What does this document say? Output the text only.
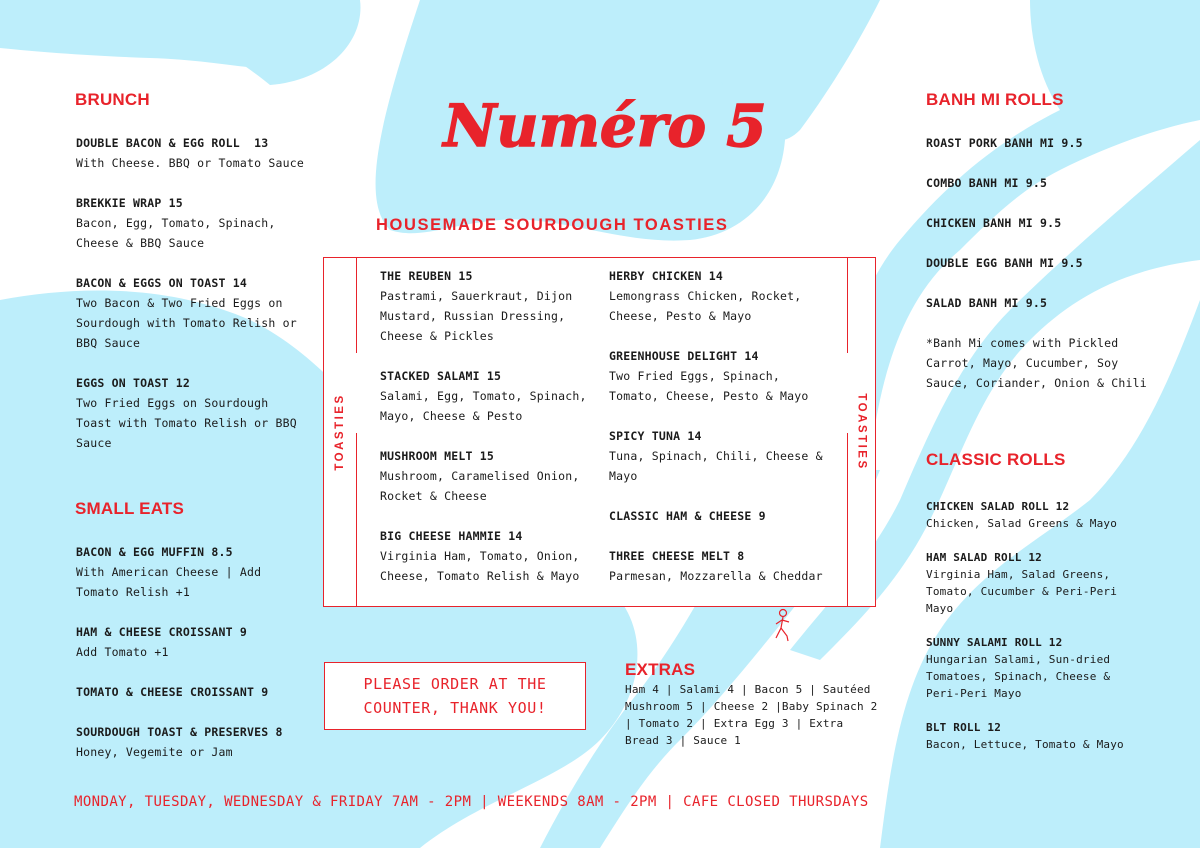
Numéro 5
BRUNCH
DOUBLE BACON & EGG ROLL  13
With Cheese. BBQ or Tomato Sauce
BREKKIE WRAP 15
Bacon, Egg, Tomato, Spinach, Cheese & BBQ Sauce
BACON & EGGS ON TOAST 14
Two Bacon & Two Fried Eggs on Sourdough with Tomato Relish or BBQ Sauce
EGGS ON TOAST 12
Two Fried Eggs on Sourdough Toast with Tomato Relish or BBQ Sauce
SMALL EATS
BACON & EGG MUFFIN 8.5
With American Cheese | Add Tomato Relish +1
HAM & CHEESE CROISSANT 9
Add Tomato +1
TOMATO & CHEESE CROISSANT 9
SOURDOUGH TOAST & PRESERVES 8
Honey, Vegemite or Jam
HOUSEMADE SOURDOUGH TOASTIES
TOASTIES	TOASTIES
THE REUBEN 15
Pastrami, Sauerkraut, Dijon Mustard, Russian Dressing, Cheese & Pickles
STACKED SALAMI 15
Salami, Egg, Tomato, Spinach, Mayo, Cheese & Pesto
MUSHROOM MELT 15
Mushroom, Caramelised Onion, Rocket & Cheese
BIG CHEESE HAMMIE 14
Virginia Ham, Tomato, Onion, Cheese, Tomato Relish & Mayo
HERBY CHICKEN 14
Lemongrass Chicken, Rocket, Cheese, Pesto & Mayo
GREENHOUSE DELIGHT 14
Two Fried Eggs, Spinach, Tomato, Cheese, Pesto & Mayo
SPICY TUNA 14
Tuna, Spinach, Chili, Cheese & Mayo
CLASSIC HAM & CHEESE 9
THREE CHEESE MELT 8
Parmesan, Mozzarella & Cheddar
PLEASE ORDER AT THE
COUNTER, THANK YOU!
EXTRAS
Ham 4 | Salami 4 | Bacon 5 | Sautéed Mushroom 5 | Cheese 2 |Baby Spinach 2 | Tomato 2 | Extra Egg 3 | Extra Bread 3 | Sauce 1
BANH MI ROLLS
ROAST PORK BANH MI 9.5
COMBO BANH MI 9.5
CHICKEN BANH MI 9.5
DOUBLE EGG BANH MI 9.5
SALAD BANH MI 9.5
*Banh Mi comes with Pickled Carrot, Mayo, Cucumber, Soy Sauce, Coriander, Onion & Chili
CLASSIC ROLLS
CHICKEN SALAD ROLL 12
Chicken, Salad Greens & Mayo
HAM SALAD ROLL 12
Virginia Ham, Salad Greens, Tomato, Cucumber & Peri-Peri Mayo
SUNNY SALAMI ROLL 12
Hungarian Salami, Sun-dried Tomatoes, Spinach, Cheese & Peri-Peri Mayo
BLT ROLL 12
Bacon, Lettuce, Tomato & Mayo
MONDAY, TUESDAY, WEDNESDAY & FRIDAY 7AM - 2PM | WEEKENDS 8AM - 2PM | CAFE CLOSED THURSDAYS
